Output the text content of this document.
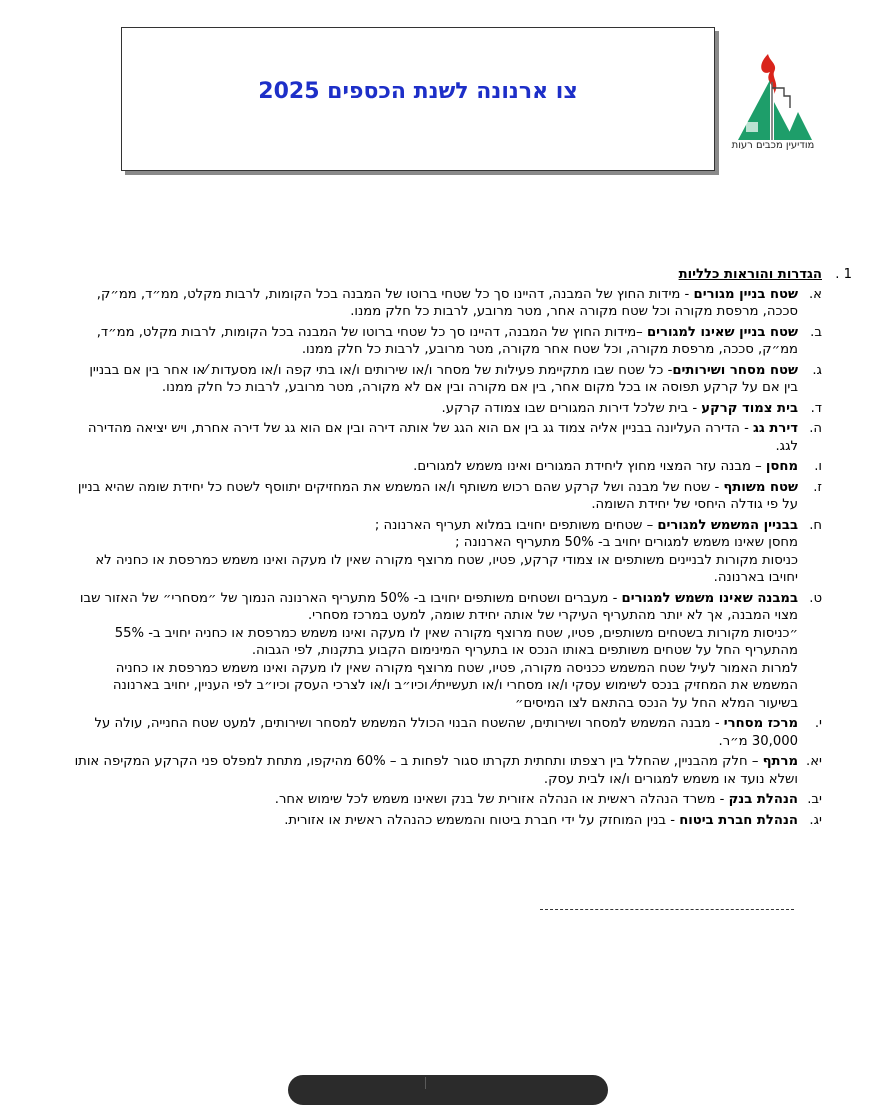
צו ארנונה לשנת הכספים 2025
מודיעין מכבים רעות
1 .
הגדרות והוראות כלליות
א.
שטח בניין מגורים - מידות החוץ של המבנה, דהיינו סך כל שטחי ברוטו של המבנה בכל הקומות, לרבות מקלט, ממ״ד, ממ״ק, סככה, מרפסת מקורה וכל שטח מקורה אחר, מטר מרובע, לרבות כל חלק ממנו.
ב.
שטח בניין שאינו למגורים –מידות החוץ של המבנה, דהיינו סך כל שטחי ברוטו של המבנה בכל הקומות, לרבות מקלט, ממ״ד, ממ״ק, סככה, מרפסת מקורה, וכל שטח אחר מקורה, מטר מרובע, לרבות כל חלק ממנו.
ג.
שטח מסחר ושירותים- כל שטח שבו מתקיימת פעילות של מסחר ו/או שירותים ו/או בתי קפה ו/או מסעדות ⁄או אחר בין אם בבניין בין אם על קרקע תפוסה או בכל מקום אחר, בין אם מקורה ובין אם לא מקורה, מטר מרובע, לרבות כל חלק ממנו.
ד.
בית צמוד קרקע - בית שלכל דירות המגורים שבו צמודה קרקע.
ה.
דירת גג - הדירה העליונה בבניין אליה צמוד גג בין אם הוא הגג של אותה דירה ובין אם הוא גג של דירה אחרת, ויש יציאה מהדירה לגג.
ו.
מחסן – מבנה עזר המצוי מחוץ ליחידת המגורים ואינו משמש למגורים.
ז.
שטח משותף - שטח של מבנה ושל קרקע שהם רכוש משותף ו/או המשמש את המחזיקים יתווסף לשטח כל יחידת שומה שהיא בניין על פי גודלה היחסי של יחידת השומה.
ח.
בבניין המשמש למגורים – שטחים משותפים יחויבו במלוא תעריף הארנונה ;
מחסן שאינו משמש למגורים יחויב ב- 50% מתעריף הארנונה ;
כניסות מקורות לבניינים משותפים או צמודי קרקע, פטיו, שטח מרוצף מקורה שאין לו מעקה ואינו משמש כמרפסת או כחניה לא יחויבו בארנונה.
ט.
במבנה שאינו משמש למגורים - מעברים ושטחים משותפים יחויבו ב- 50% מתעריף הארנונה הנמוך של ״מסחרי״ של האזור שבו מצוי המבנה, אך לא יותר מהתעריף העיקרי של אותה יחידת שומה, למעט במרכז מסחרי.
״כניסות מקורות בשטחים משותפים, פטיו, שטח מרוצף מקורה שאין לו מעקה ואינו משמש כמרפסת או כחניה יחויב ב- 55% מהתעריף החל על שטחים משותפים באותו הנכס או בתעריף המינימום הקבוע בתקנות, לפי הגבוה.
למרות האמור לעיל שטח המשמש ככניסה מקורה, פטיו, שטח מרוצף מקורה שאין לו מעקה ואינו משמש כמרפסת או כחניה המשמש את המחזיק בנכס לשימוש עסקי ו/או מסחרי ו/או תעשייתי⁄ וכיו״ב ו/או לצרכי העסק וכיו״ב לפי העניין, יחויב בארנונה בשיעור המלא החל על הנכס בהתאם לצו המיסים״
י.
מרכז מסחרי - מבנה המשמש למסחר ושירותים, שהשטח הבנוי הכולל המשמש למסחר ושירותים, למעט שטח החנייה, עולה על 30,000 מ״ר.
יא.
מרתף – חלק מהבניין, שהחלל בין רצפתו ותחתית תקרתו סגור לפחות ב – 60% מהיקפו, מתחת למפלס פני הקרקע המקיפה אותו ושלא נועד או משמש למגורים ו/או לבית עסק.
יב.
הנהלת בנק - משרד הנהלה ראשית או הנהלה אזורית של בנק ושאינו משמש לכל שימוש אחר.
יג.
הנהלת חברת ביטוח - בנין המוחזק על ידי חברת ביטוח והמשמש כהנהלה ראשית או אזורית.
